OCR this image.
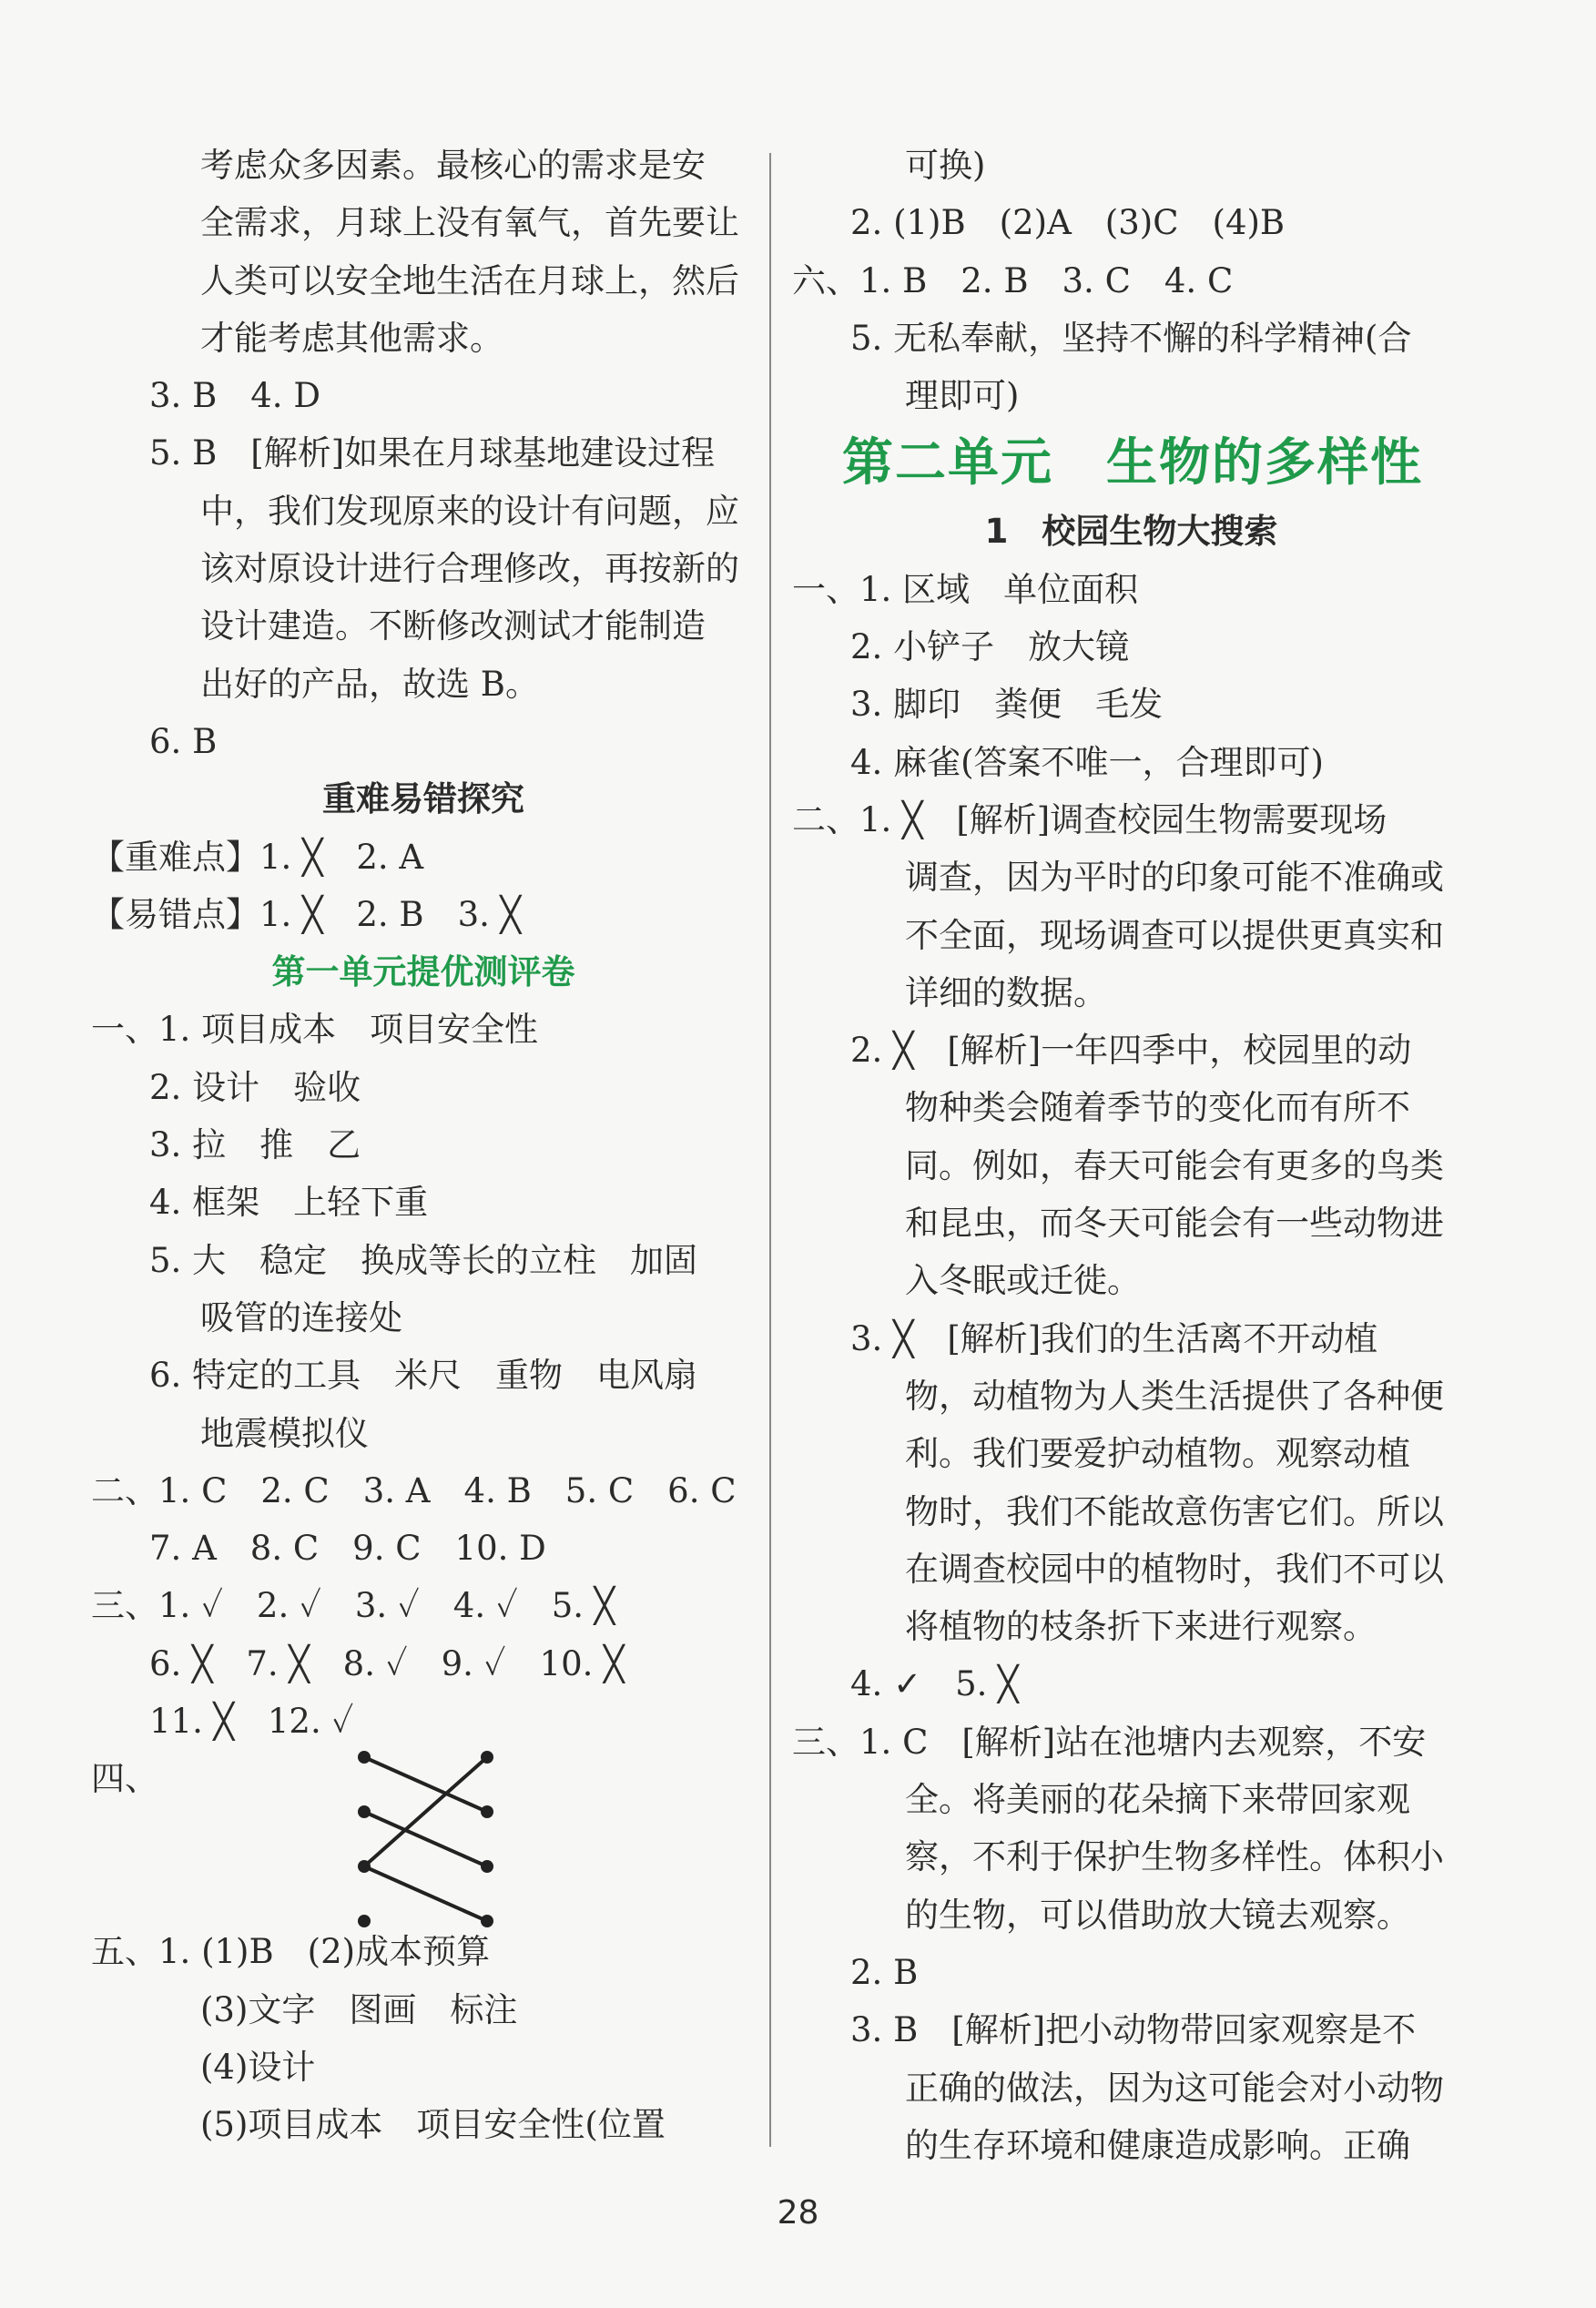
考虑众多因素。最核心的需求是安
全需求，月球上没有氧气，首先要让
人类可以安全地生活在月球上，然后
才能考虑其他需求。
3. B　4. D
5. B　[解析]如果在月球基地建设过程
中，我们发现原来的设计有问题，应
该对原设计进行合理修改，再按新的
设计建造。不断修改测试才能制造
出好的产品，故选 B。
6. B
重难易错探究
【重难点】1. ╳　2. A
【易错点】1. ╳　2. B　3. ╳
第一单元提优测评卷
一、1. 项目成本　项目安全性
2. 设计　验收
3. 拉　推　乙
4. 框架　上轻下重
5. 大　稳定　换成等长的立柱　加固
吸管的连接处
6. 特定的工具　米尺　重物　电风扇
地震模拟仪
二、1. C　2. C　3. A　4. B　5. C　6. C
7. A　8. C　9. C　10. D
三、1. ✓　2. ✓　3. ✓　4. ✓　5. ╳
6. ╳　7. ╳　8. ✓　9. ✓　10. ╳
11. ╳　12. ✓
四、
五、1. (1)B　(2)成本预算
(3)文字　图画　标注
(4)设计
(5)项目成本　项目安全性(位置
可换)
2. (1)B　(2)A　(3)C　(4)B
六、1. B　2. B　3. C　4. C
5. 无私奉献，坚持不懈的科学精神(合
理即可)
第二单元　生物的多样性
1　校园生物大搜索
一、1. 区域　单位面积
2. 小铲子　放大镜
3. 脚印　粪便　毛发
4. 麻雀(答案不唯一，合理即可)
二、1. ╳　[解析]调查校园生物需要现场
调查，因为平时的印象可能不准确或
不全面，现场调查可以提供更真实和
详细的数据。
2. ╳　[解析]一年四季中，校园里的动
物种类会随着季节的变化而有所不
同。例如，春天可能会有更多的鸟类
和昆虫，而冬天可能会有一些动物进
入冬眠或迁徙。
3. ╳　[解析]我们的生活离不开动植
物，动植物为人类生活提供了各种便
利。我们要爱护动植物。观察动植
物时，我们不能故意伤害它们。所以
在调查校园中的植物时，我们不可以
将植物的枝条折下来进行观察。
4. ✓　5. ╳
三、1. C　[解析]站在池塘内去观察，不安
全。将美丽的花朵摘下来带回家观
察，不利于保护生物多样性。体积小
的生物，可以借助放大镜去观察。
2. B
3. B　[解析]把小动物带回家观察是不
正确的做法，因为这可能会对小动物
的生存环境和健康造成影响。正确
28
